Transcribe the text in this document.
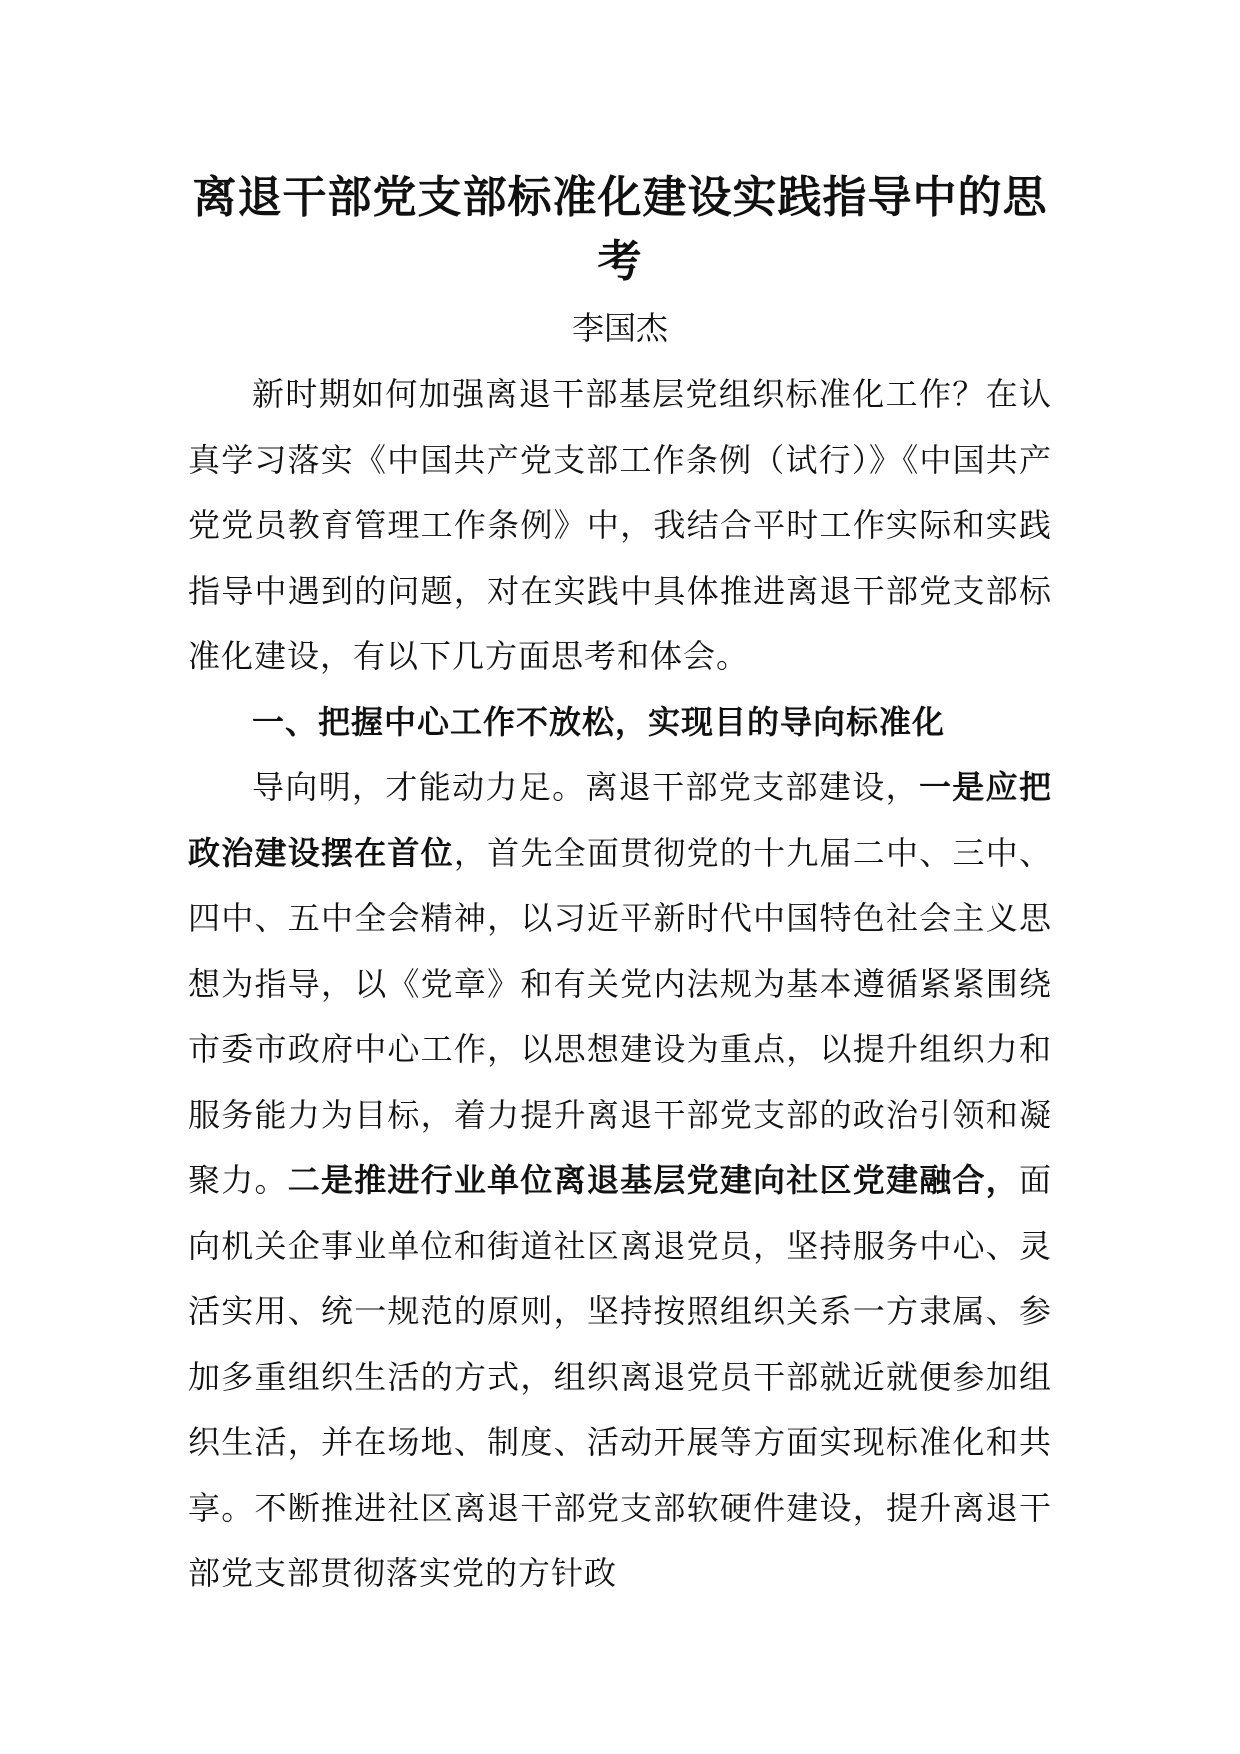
离退干部党支部标准化建设实践指导中的思考

李国杰

新时期如何加强离退干部基层党组织标准化工作？在认真学习落实《中国共产党支部工作条例（试行）》《中国共产党党员教育管理工作条例》中，我结合平时工作实际和实践指导中遇到的问题，对在实践中具体推进离退干部党支部标准化建设，有以下几方面思考和体会。

一、把握中心工作不放松，实现目的导向标准化

导向明，才能动力足。离退干部党支部建设，一是应把政治建设摆在首位，首先全面贯彻党的十九届二中、三中、四中、五中全会精神，以习近平新时代中国特色社会主义思想为指导，以《党章》和有关党内法规为基本遵循紧紧围绕市委市政府中心工作，以思想建设为重点，以提升组织力和服务能力为目标，着力提升离退干部党支部的政治引领和凝聚力。二是推进行业单位离退基层党建向社区党建融合，面向机关企事业单位和街道社区离退党员，坚持服务中心、灵活实用、统一规范的原则，坚持按照组织关系一方隶属、参加多重组织生活的方式，组织离退党员干部就近就便参加组织生活，并在场地、制度、活动开展等方面实现标准化和共享。不断推进社区离退干部党支部软硬件建设，提升离退干部党支部贯彻落实党的方针政
